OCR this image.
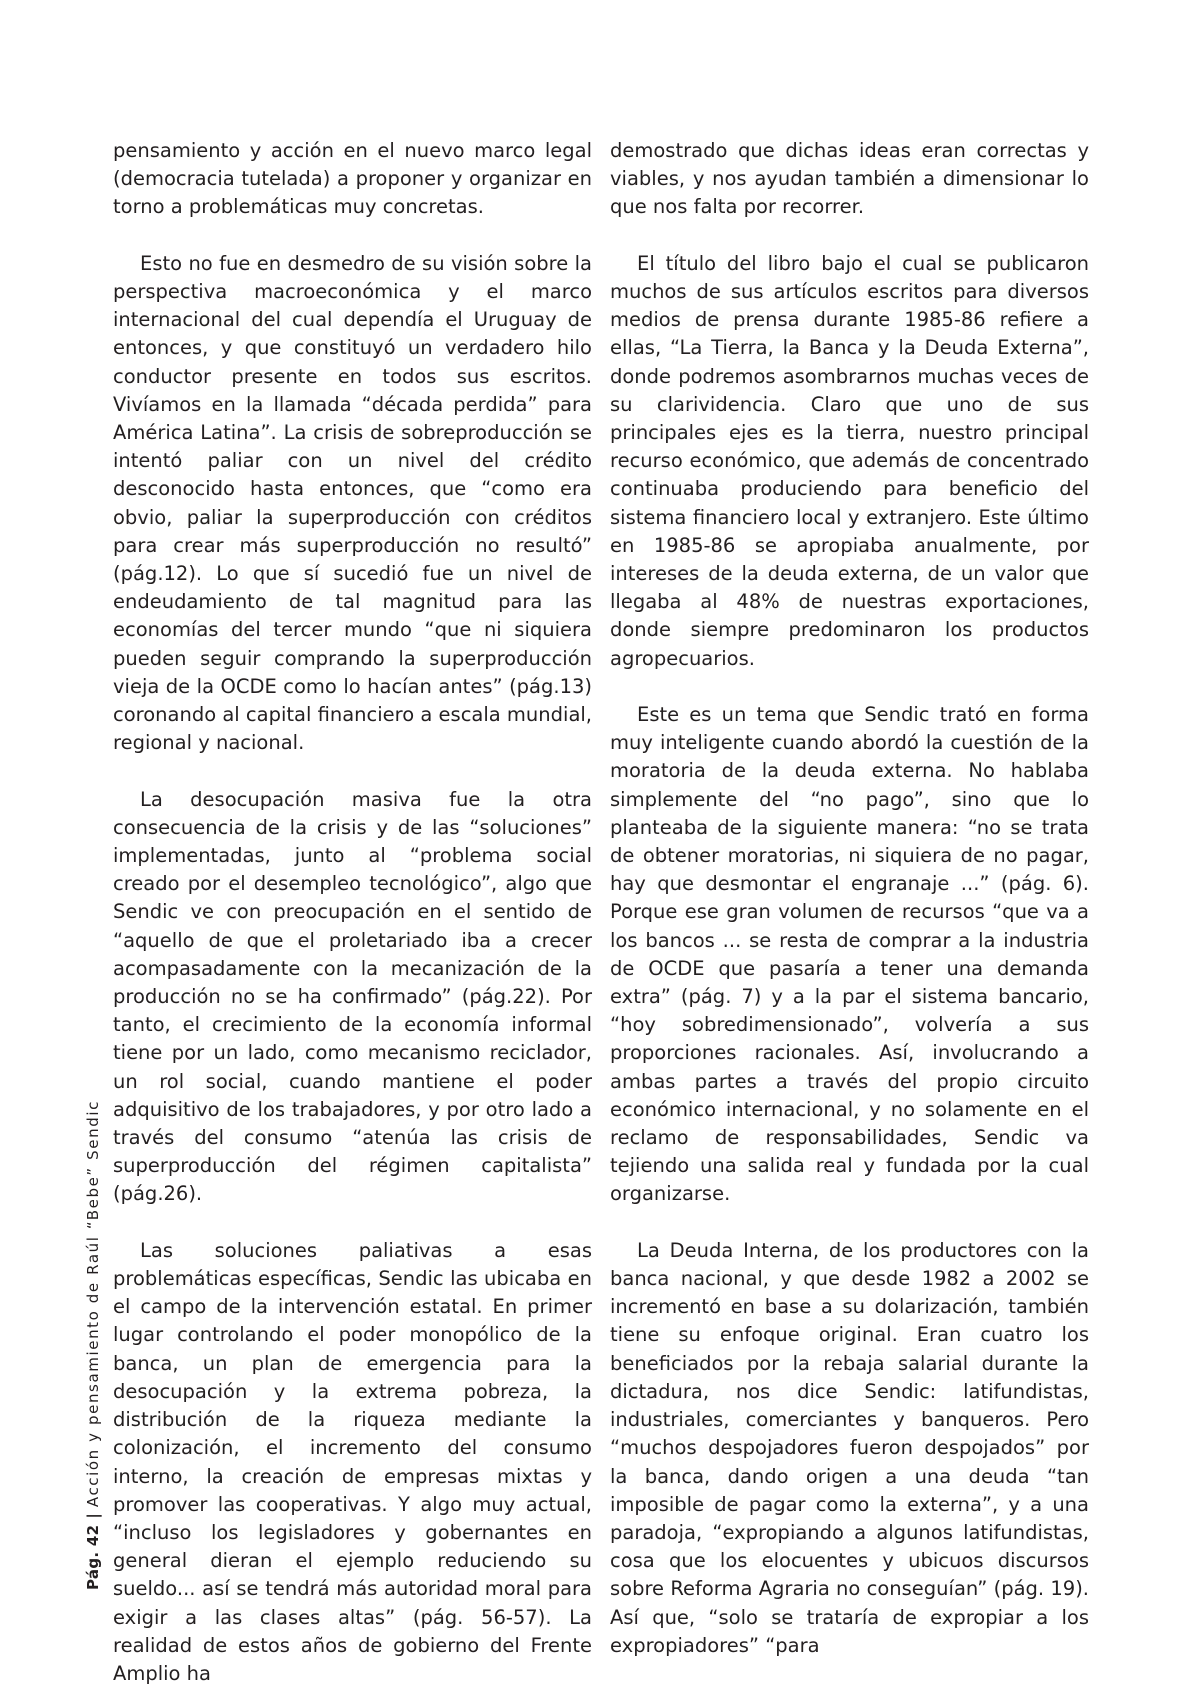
Pág. 42|Acción y pensamiento de Raúl “Bebe” Sendic

pensamiento y acción en el nuevo marco legal (democracia tutelada) a proponer y organizar en torno a problemáticas muy concretas.

Esto no fue en desmedro de su visión sobre la perspectiva macroeconómica y el marco internacional del cual dependía el Uruguay de entonces, y que constituyó un verdadero hilo conductor presente en todos sus escritos. Vivíamos en la llamada “década perdida” para América Latina”. La crisis de sobreproducción se intentó paliar con un nivel del crédito desconocido hasta entonces, que “como era obvio, paliar la superproducción con créditos para crear más superproducción no resultó” (pág.12). Lo que sí sucedió fue un nivel de endeudamiento de tal magnitud para las economías del tercer mundo “que ni siquiera pueden seguir comprando la superproducción vieja de la OCDE como lo hacían antes” (pág.13) coronando al capital financiero a escala mundial, regional y nacional.

La desocupación masiva fue la otra consecuencia de la crisis y de las “soluciones” implementadas, junto al “problema social creado por el desempleo tecnológico”, algo que Sendic ve con preocupación en el sentido de “aquello de que el proletariado iba a crecer acompasadamente con la mecanización de la producción no se ha confirmado” (pág.22). Por tanto, el crecimiento de la economía informal tiene por un lado, como mecanismo reciclador, un rol social, cuando mantiene el poder adquisitivo de los trabajadores, y por otro lado a través del consumo “atenúa las crisis de superproducción del régimen capitalista” (pág.26).

Las soluciones paliativas a esas problemáticas específicas, Sendic las ubicaba en el campo de la intervención estatal. En primer lugar controlando el poder monopólico de la banca, un plan de emergencia para la desocupación y la extrema pobreza, la distribución de la riqueza mediante la colonización, el incremento del consumo interno, la creación de empresas mixtas y promover las cooperativas. Y algo muy actual, “incluso los legisladores y gobernantes en general dieran el ejemplo reduciendo su sueldo... así se tendrá más autoridad moral para exigir a las clases altas” (pág. 56-57). La realidad de estos años de gobierno del Frente Amplio ha

demostrado que dichas ideas eran correctas y viables, y nos ayudan también a dimensionar lo que nos falta por recorrer.

El título del libro bajo el cual se publicaron muchos de sus artículos escritos para diversos medios de prensa durante 1985-86 refiere a ellas, “La Tierra, la Banca y la Deuda Externa”, donde podremos asombrarnos muchas veces de su clarividencia. Claro que uno de sus principales ejes es la tierra, nuestro principal recurso económico, que además de concentrado continuaba produciendo para beneficio del sistema financiero local y extranjero. Este último en 1985-86 se apropiaba anualmente, por intereses de la deuda externa, de un valor que llegaba al 48% de nuestras exportaciones, donde siempre predominaron los productos agropecuarios.

Este es un tema que Sendic trató en forma muy inteligente cuando abordó la cuestión de la moratoria de la deuda externa. No hablaba simplemente del “no pago”, sino que lo planteaba de la siguiente manera: “no se trata de obtener moratorias, ni siquiera de no pagar, hay que desmontar el engranaje ...” (pág. 6). Porque ese gran volumen de recursos “que va a los bancos ... se resta de comprar a la industria de OCDE que pasaría a tener una demanda extra” (pág. 7) y a la par el sistema bancario, “hoy sobredimensionado”, volvería a sus proporciones racionales. Así, involucrando a ambas partes a través del propio circuito económico internacional, y no solamente en el reclamo de responsabilidades, Sendic va tejiendo una salida real y fundada por la cual organizarse.

La Deuda Interna, de los productores con la banca nacional, y que desde 1982 a 2002 se incrementó en base a su dolarización, también tiene su enfoque original. Eran cuatro los beneficiados por la rebaja salarial durante la dictadura, nos dice Sendic: latifundistas, industriales, comerciantes y banqueros. Pero “muchos despojadores fueron despojados” por la banca, dando origen a una deuda “tan imposible de pagar como la externa”, y a una paradoja, “expropiando a algunos latifundistas, cosa que los elocuentes y ubicuos discursos sobre Reforma Agraria no conseguían” (pág. 19). Así que, “solo se trataría de expropiar a los expropiadores” “para
